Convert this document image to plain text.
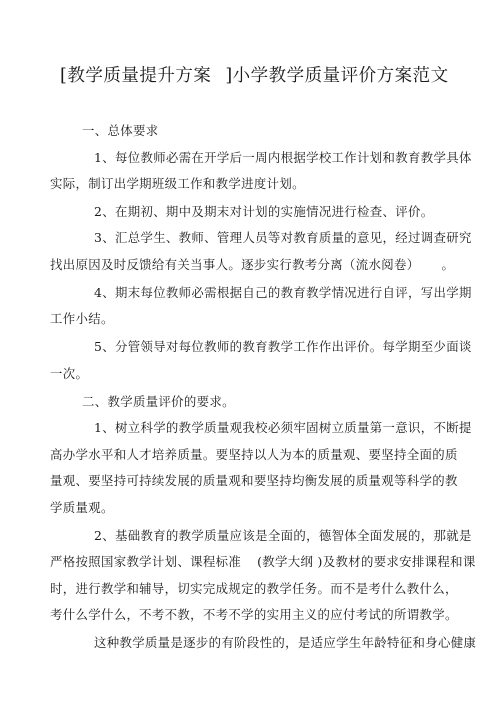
[教学质量提升方案 ]小学教学质量评价方案范文
一、总体要求
1、每位教师必需在开学后一周内根据学校工作计划和教育教学具体
实际，制订出学期班级工作和教学进度计划。
2、在期初、期中及期末对计划的实施情况进行检查、评价。
3、汇总学生、教师、管理人员等对教育质量的意见，经过调查研究
找出原因及时反馈给有关当事人。逐步实行教考分离（流水阅卷） 。
4、期末每位教师必需根据自己的教育教学情况进行自评，写出学期
工作小结。
5、分管领导对每位教师的教育教学工作作出评价。每学期至少面谈
一次。
二、教学质量评价的要求。
1、树立科学的教学质量观我校必须牢固树立质量第一意识，不断提
高办学水平和人才培养质量。要坚持以人为本的质量观、要坚持全面的质
量观、要坚持可持续发展的质量观和要坚持均衡发展的质量观等科学的教
学质量观。
2、基础教育的教学质量应该是全面的，德智体全面发展的，那就是
严格按照国家教学计划、课程标准 (教学大纲 )及教材的要求安排课程和课
时，进行教学和辅导，切实完成规定的教学任务。而不是考什么教什么，
考什么学什么，不考不教，不考不学的实用主义的应付考试的所谓教学。
这种教学质量是逐步的有阶段性的，是适应学生年龄特征和身心健康
